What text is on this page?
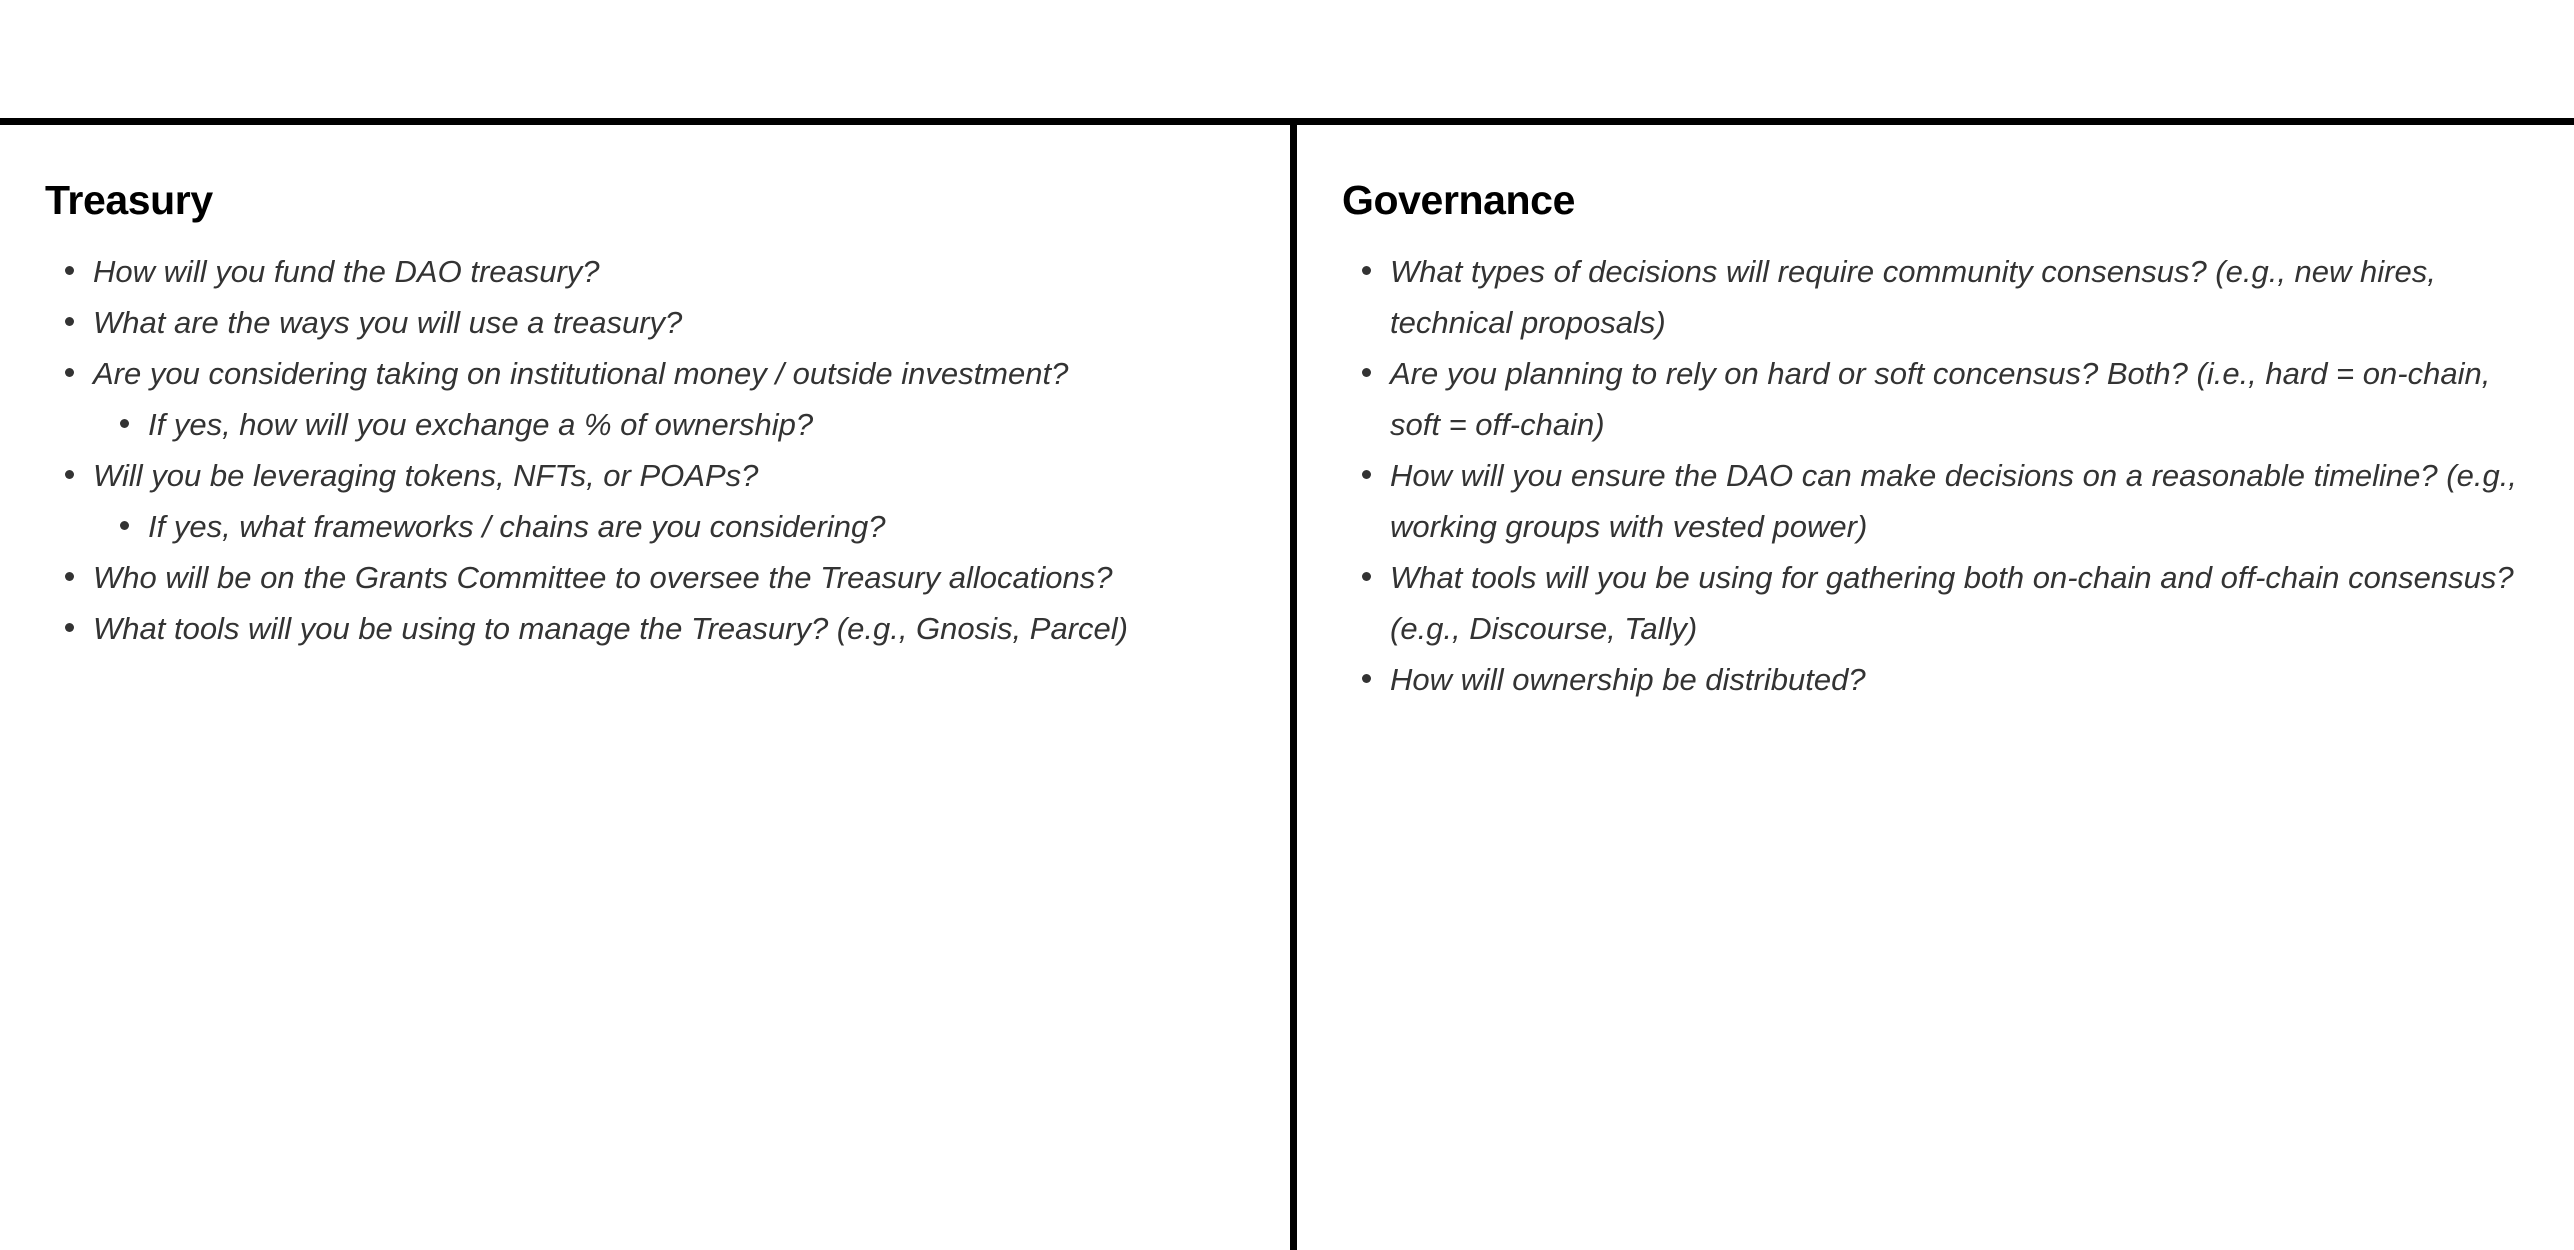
Treasury
How will you fund the DAO treasury?
What are the ways you will use a treasury?
Are you considering taking on institutional money / outside investment?
If yes, how will you exchange a % of ownership?
Will you be leveraging tokens, NFTs, or POAPs?
If yes, what frameworks / chains are you considering?
Who will be on the Grants Committee to oversee the Treasury allocations?
What tools will you be using to manage the Treasury? (e.g., Gnosis, Parcel)
Governance
What types of decisions will require community consensus? (e.g., new hires, technical proposals)
Are you planning to rely on hard or soft concensus? Both? (i.e., hard = on-chain, soft = off-chain)
How will you ensure the DAO can make decisions on a reasonable timeline? (e.g., working groups with vested power)
What tools will you be using for gathering both on-chain and off-chain consensus? (e.g., Discourse, Tally)
How will ownership be distributed?
